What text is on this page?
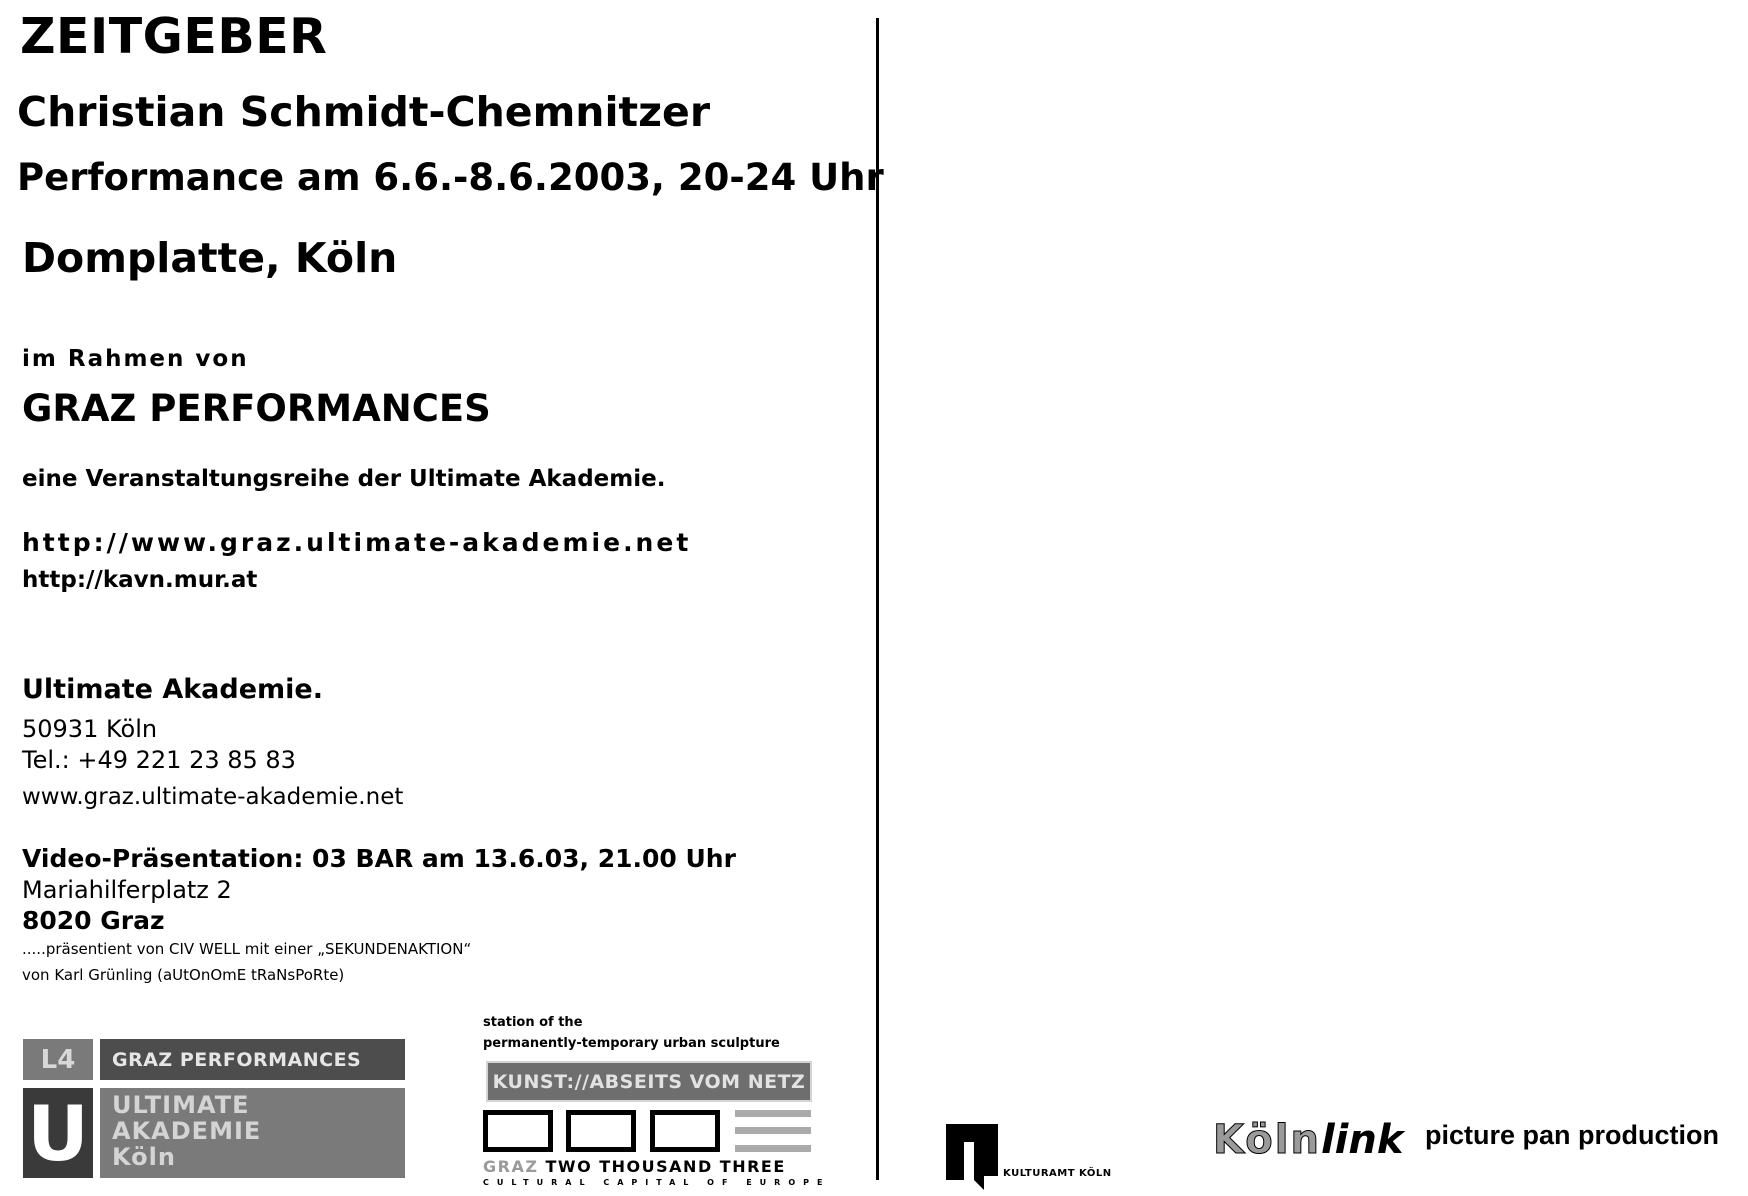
ZEITGEBER
Christian Schmidt-Chemnitzer
Performance am 6.6.-8.6.2003, 20-24 Uhr
Domplatte, Köln
im Rahmen von
GRAZ PERFORMANCES
eine Veranstaltungsreihe der Ultimate Akademie.
http://www.graz.ultimate-akademie.net
http://kavn.mur.at
Ultimate Akademie.
50931 Köln
Tel.: +49 221 23 85 83
www.graz.ultimate-akademie.net
Video-Präsentation: 03 BAR am 13.6.03, 21.00 Uhr
Mariahilferplatz 2
8020 Graz
.....präsentient von CIV WELL mit einer „SEKUNDENAKTION“
von Karl Grünling (aUtOnOmE tRaNsPoRte)
L4	GRAZ PERFORMANCES
U ULTIMATE
AKADEMIE
Köln
station of the
permanently-temporary urban sculpture
KUNST://ABSEITS VOM NETZ
GRAZ TWO THOUSAND THREE
CULTURAL CAPITAL OF EUROPE
KULTURAMT KÖLN
Kölnlink picture pan production
